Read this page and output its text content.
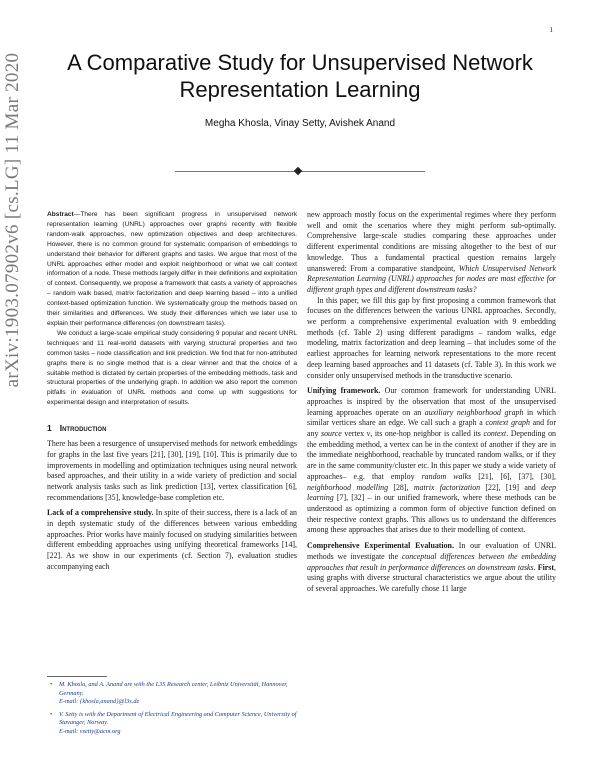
1
arXiv:1903.07902v6 [cs.LG] 11 Mar 2020	A Comparative Study for Unsupervised Network
Representation Learning
Megha Khosla, Vinay Setty, Avishek Anand

Abstract—There has been significant progress in unsupervised network representation learning (UNRL) approaches over graphs recently with flexible random-walk approaches, new optimization objectives and deep architectures. However, there is no common ground for systematic comparison of embeddings to understand their behavior for different graphs and tasks. We argue that most of the UNRL approaches either model and exploit neighborhood or what we call context information of a node. These methods largely differ in their definitions and exploitation of context. Consequently, we propose a framework that casts a variety of approaches – random walk based, matrix factorization and deep learning based – into a unified context-based optimization function. We systematically group the methods based on their similarities and differences. We study their differences which we later use to explain their performance differences (on downstream tasks).

We conduct a large-scale empirical study considering 9 popular and recent UNRL techniques and 11 real-world datasets with varying structural properties and two common tasks – node classification and link prediction. We find that for non-attributed graphs there is no single method that is a clear winner and that the choice of a suitable method is dictated by certain properties of the embedding methods, task and structural properties of the underlying graph. In addition we also report the common pitfalls in evaluation of UNRL methods and come up with suggestions for experimental design and interpretation of results.

1 Introduction

There has been a resurgence of unsupervised methods for network embeddings for graphs in the last five years [21], [30], [19], [10]. This is primarily due to improvements in modelling and optimization techniques using neural network based approaches, and their utility in a wide variety of prediction and social network analysis tasks such as link prediction [13], vertex classification [6], recommendations [35], knowledge-base completion etc.

Lack of a comprehensive study. In spite of their success, there is a lack of an in depth systematic study of the differences between various embedding approaches. Prior works have mainly focused on studying similarities between different embedding approaches using unifying theoretical frameworks [14], [22]. As we show in our experiments (cf. Section 7), evaluation studies accompanying each

new approach mostly focus on the experimental regimes where they perform well and omit the scenarios where they might perform sub-optimally. Comprehensive large-scale studies comparing these approaches under different experimental conditions are missing altogether to the best of our knowledge. Thus a fundamental practical question remains largely unanswered: From a comparative standpoint, Which Unsupervised Network Representation Learning (UNRL) approaches for nodes are most effective for different graph types and different downstream tasks?

In this paper, we fill this gap by first proposing a common framework that focuses on the differences between the various UNRL approaches. Secondly, we perform a comprehensive experimental evaluation with 9 embedding methods (cf. Table 2) using different paradigms – random walks, edge modeling, matrix factorization and deep learning – that includes some of the earliest approaches for learning network representations to the more recent deep learning based approaches and 11 datasets (cf. Table 3). In this work we consider only unsupervised methods in the transductive scenario.

Unifying framework. Our common framework for understanding UNRL approaches is inspired by the observation that most of the unsupervised learning approaches operate on an auxiliary neighborhood graph in which similar vertices share an edge. We call such a graph a context graph and for any source vertex v, its one-hop neighbor is called its context. Depending on the embedding method, a vertex can be in the context of another if they are in the immediate neighborhood, reachable by truncated random walks, or if they are in the same community/cluster etc. In this paper we study a wide variety of approaches– e.g. that employ random walks [21], [6], [37], [30], neighborhood modelling [28], matrix factorization [22], [19] and deep learning [7], [32] – in our unified framework, where these methods can be understood as optimizing a common form of objective function defined on their respective context graphs. This allows us to understand the differences among these approaches that arises due to their modelling of context.

Comprehensive Experimental Evaluation. In our evaluation of UNRL methods we investigate the conceptual differences between the embedding approaches that result in performance differences on downstream tasks. First, using graphs with diverse structural characteristics we argue about the utility of several approaches. We carefully chose 11 large

• M. Khosla, and A. Anand are with the L3S Research center, Leibniz Universität, Hannover, Germany.
E-mail: {khosla,anand}@l3s.de
• V. Setty is with the Department of Electrical Engineering and Computer Science, University of Stavanger, Norway.
E-mail: vsetty@acm.org
